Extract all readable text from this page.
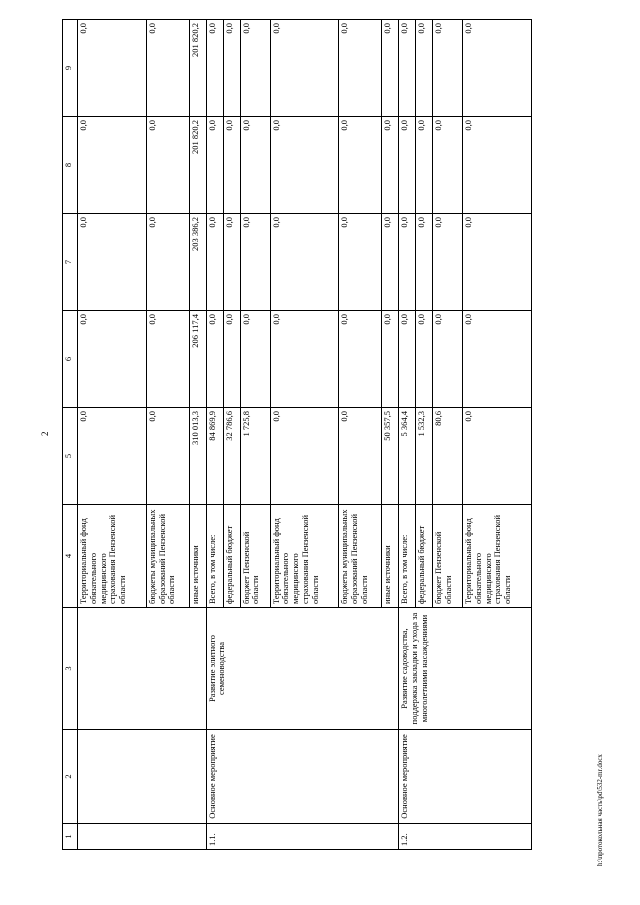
2
1	2	3	4	5	6	7	8	9
			Территориальный фонд обязательного медицинского страхования Пензенской области	0,0	0,0	0,0	0,0	0,0
			бюджеты муниципальных образований Пензенской области	0,0	0,0	0,0	0,0	0,0
			иные источники	310 013,3	206 117,4	203 386,2	201 820,2	201 820,2
1.1.	Основное мероприятие	Развитие элитного семеноводства	Всего, в том числе:	84 869,9	0,0	0,0	0,0	0,0
			федеральный бюджет	32 786,6	0,0	0,0	0,0	0,0
			бюджет Пензенской области	1 725,8	0,0	0,0	0,0	0,0
			Территориальный фонд обязательного медицинского страхования Пензенской области	0,0	0,0	0,0	0,0	0,0
			бюджеты муниципальных образований Пензенской области	0,0	0,0	0,0	0,0	0,0
			иные источники	50 357,5	0,0	0,0	0,0	0,0
1.2.	Основное мероприятие	Развитие садоводства, поддержка закладки и ухода за многолетними насаждениями	Всего, в том числе:	5 364,4	0,0	0,0	0,0	0,0
			федеральный бюджет	1 532,3	0,0	0,0	0,0	0,0
			бюджет Пензенской области	80,6	0,0	0,0	0,0	0,0
			Территориальный фонд обязательного медицинского страхования Пензенской области	0,0	0,0	0,0	0,0	0,0
h:\протокольная часть\pd\532-mr.docx
